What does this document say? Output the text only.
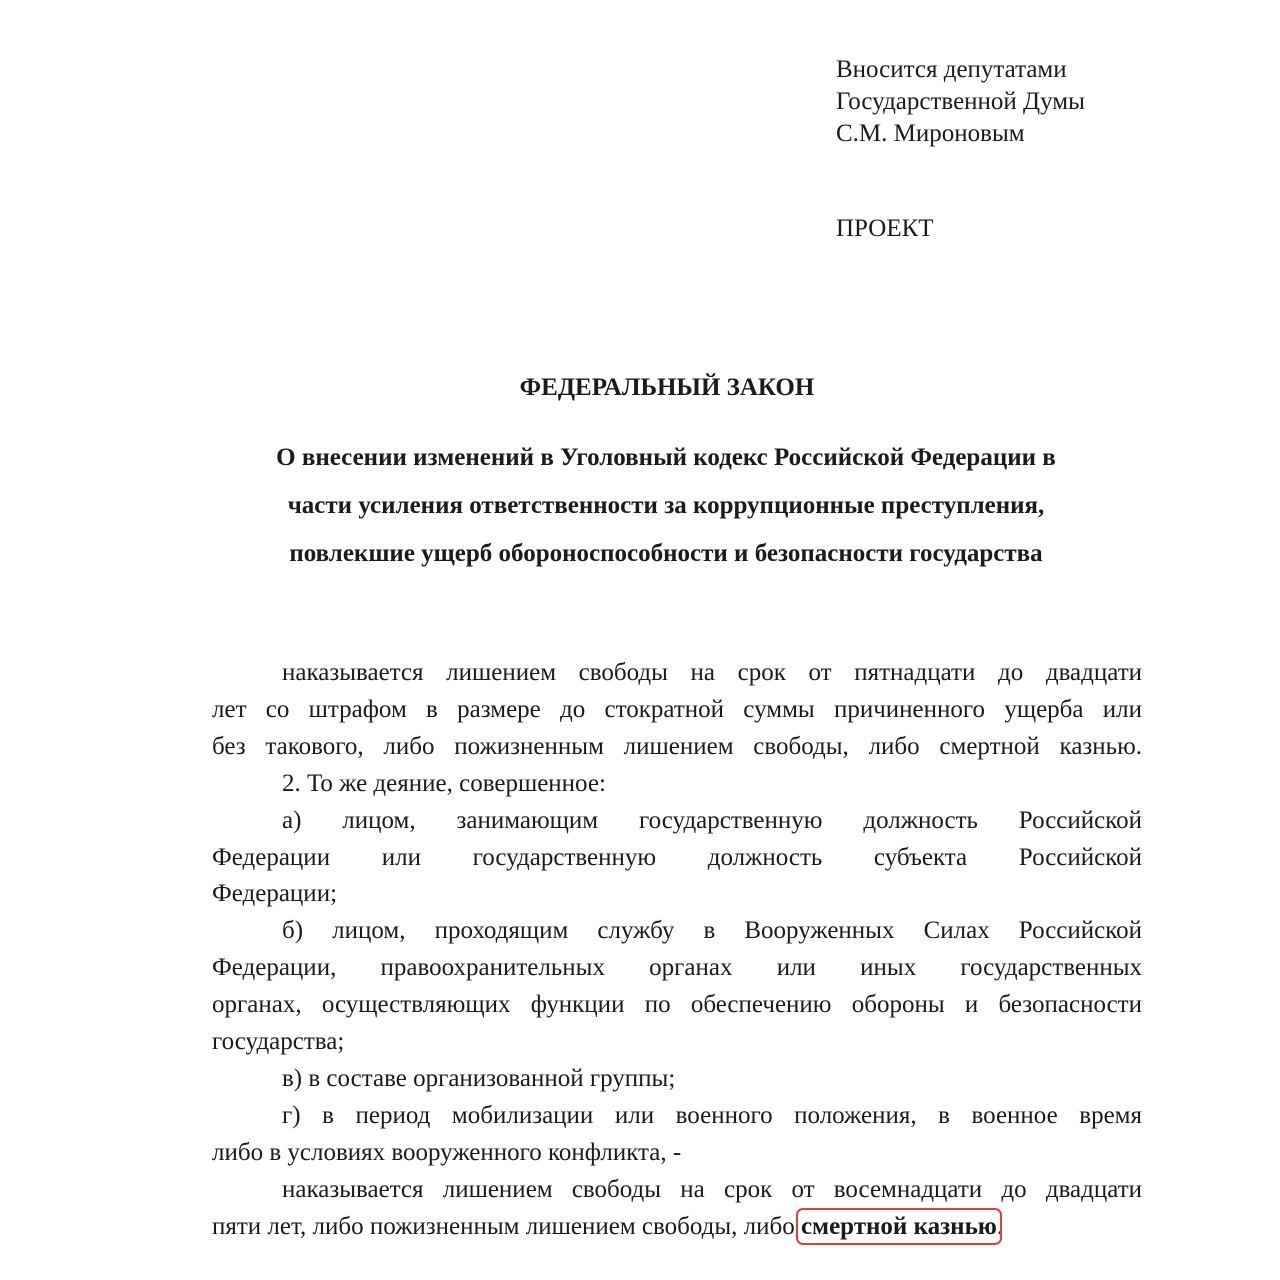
Вносится депутатами
Государственной Думы
С.М. Мироновым
ПРОЕКТ
ФЕДЕРАЛЬНЫЙ ЗАКОН
О внесении изменений в Уголовный кодекс Российской Федерации в
части усиления ответственности за коррупционные преступления,
повлекшие ущерб обороноспособности и безопасности государства
наказывается лишением свободы на срок от пятнадцати до двадцати
лет со штрафом в размере до стократной суммы причиненного ущерба или
без такового, либо пожизненным лишением свободы, либо смертной казнью.
2. То же деяние, совершенное:
а) лицом, занимающим государственную должность Российской
Федерации или государственную должность субъекта Российской
Федерации;
б) лицом, проходящим службу в Вооруженных Силах Российской
Федерации, правоохранительных органах или иных государственных
органах, осуществляющих функции по обеспечению обороны и безопасности
государства;
в) в составе организованной группы;
г) в период мобилизации или военного положения, в военное время
либо в условиях вооруженного конфликта, -
наказывается лишением свободы на срок от восемнадцати до двадцати
пяти лет, либо пожизненным лишением свободы, либо смертной казнью.
